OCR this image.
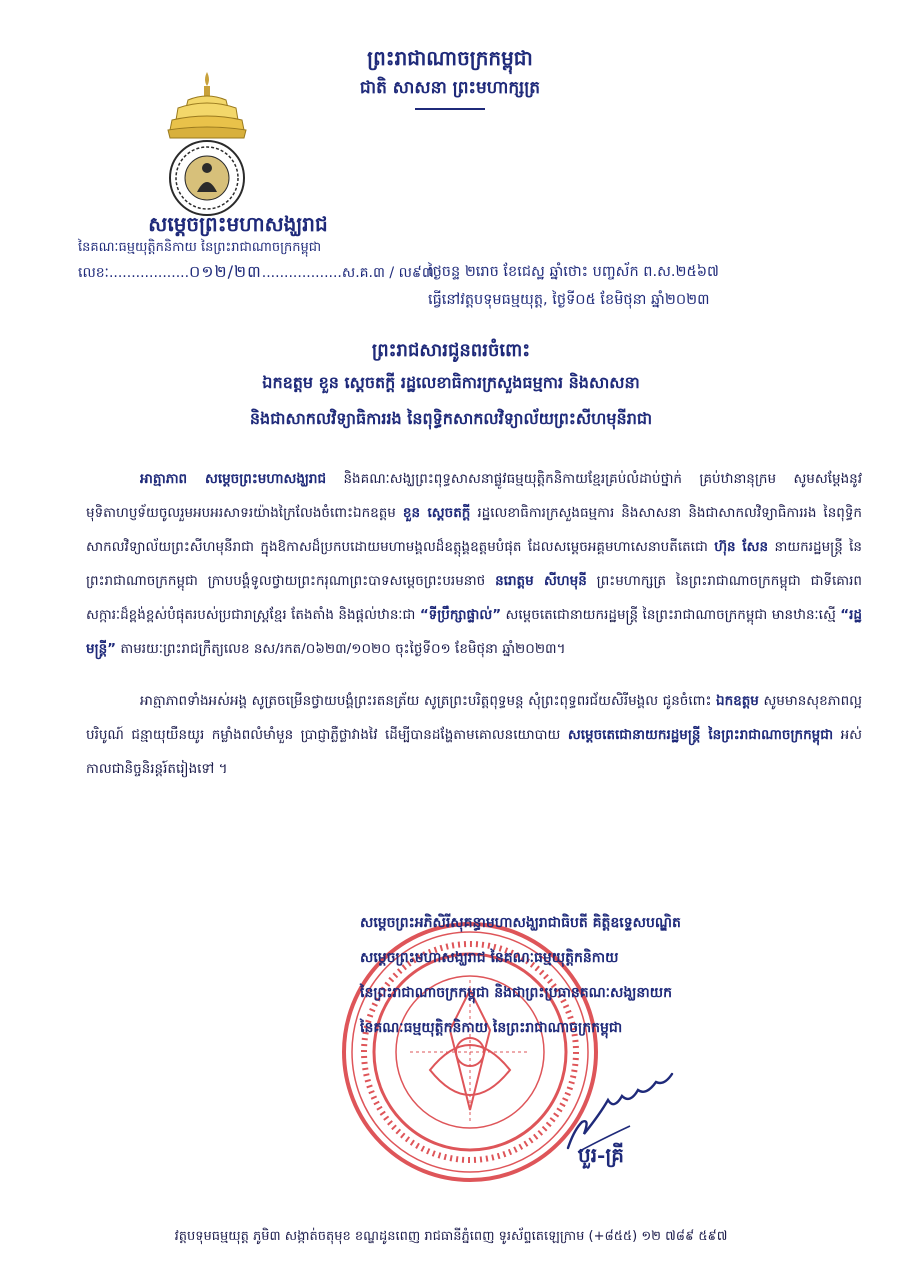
ព្រះរាជាណាចក្រកម្ពុជា
ជាតិ សាសនា ព្រះមហាក្សត្រ
សម្តេចព្រះមហាសង្ឃរាជ
នៃគណៈធម្មយុត្តិកនិកាយ នៃព្រះរាជាណាចក្រកម្ពុជា
លេខៈ..................០១២/២៣..................ស.គ.៣ / ល៩៣
ថ្ងៃចន្ទ ២រោច ខែជេស្ឋ ឆ្នាំថោះ បញ្ចស័ក ព.ស.២៥៦៧
ធ្វើនៅវត្តបទុមធម្មយុត្ត, ថ្ងៃទី០៥ ខែមិថុនា ឆ្នាំ២០២៣
ព្រះរាជសារជូនពរចំពោះ
ឯកឧត្តម ខួន ស្ដេចតក្តី រដ្ឋលេខាធិការក្រសួងធម្មការ និងសាសនា
និងជាសាកលវិទ្យាធិការរង នៃពុទ្ធិកសាកលវិទ្យាល័យព្រះសីហមុនីរាជា

អាត្មាភាព សម្តេចព្រះមហាសង្ឃរាជ និងគណៈសង្ឃព្រះពុទ្ធសាសនាផ្លូវធម្មយុត្តិកនិកាយខ្មែរគ្រប់លំដាប់ថ្នាក់ គ្រប់ឋានានុក្រម សូមសម្តែងនូវមុទិតាហប្ញទ័យចូលរួមអបអរសាទរយ៉ាងក្រៃលែងចំពោះឯកឧត្តម ខួន ស្ដេចតក្តី រដ្ឋលេខាធិការក្រសួងធម្មការ និងសាសនា និងជាសាកលវិទ្យាធិការរង នៃពុទ្ធិកសាកលវិទ្យាល័យព្រះសីហមុនីរាជា ក្នុងឱកាសដ៏ប្រកបដោយមហាមង្គលដ៏ឧត្តុង្គឧត្តមបំផុត ដែលសម្តេចអគ្គមហាសេនាបតីតេជោ ហ៊ុន សែន នាយករដ្ឋមន្ត្រី នៃព្រះរាជាណាចក្រកម្ពុជា ក្រាបបង្គំទូលថ្វាយព្រះករុណាព្រះបាទសម្តេចព្រះបរមនាថ នរោត្តម សីហមុនី ព្រះមហាក្សត្រ នៃព្រះរាជាណាចក្រកម្ពុជា ជាទីគោរពសក្ការៈដ៏ខ្ពង់ខ្ពស់បំផុតរបស់ប្រជារាស្ត្រខ្មែរ តែងតាំង និងផ្តល់ឋានៈជា “ទីប្រឹក្សាផ្ទាល់” សម្តេចតេជោនាយករដ្ឋមន្ត្រី នៃព្រះរាជាណាចក្រកម្ពុជា មានឋានៈស្មើ “រដ្ឋមន្ត្រី” តាមរយៈព្រះរាជក្រឹត្យលេខ នស/រកត/០៦២៣/១០២០ ចុះថ្ងៃទី០១ ខែមិថុនា ឆ្នាំ២០២៣។

អាត្មាភាពទាំងអស់អង្គ សូត្រចម្រើនថ្វាយបង្គំព្រះរតនត្រ័យ សូត្រព្រះបរិត្តពុទ្ធមន្ត សុំព្រះពុទ្ធពរជ័យសិរីមង្គល ជូនចំពោះ ឯកឧត្តម សូមមានសុខភាពល្អបរិបូណ៍ ជន្មាយុយឺនយូរ កម្លាំងពលំមាំមួន ប្រាជ្ញាភ្លឺថ្លាវាងវៃ ដើម្បីបានដង្ហែតាមគោលនយោបាយ សម្តេចតេជោនាយករដ្ឋមន្ត្រី នៃព្រះរាជាណាចក្រកម្ពុជា អស់កាលជានិច្ចនិរន្តរ៍តរៀងទៅ ។

សម្តេចព្រះអភិសិរីសុគន្ធាមហាសង្ឃរាជាធិបតី គិត្តិឧទ្ទេសបណ្ឌិត
សម្តេចព្រះមហាសង្ឃរាជ នៃគណៈធម្មយុត្តិកនិកាយ
នៃព្រះរាជាណាចក្រកម្ពុជា និងជាព្រះប្រធានគណៈសង្ឃនាយក
នៃគណៈធម្មយុត្តិកនិកាយ នៃព្រះរាជាណាចក្រកម្ពុជា
បួរ-គ្រី
វត្តបទុមធម្មយុត្ត ភូមិ៣ សង្កាត់ចតុមុខ ខណ្ឌដូនពេញ រាជធានីភ្នំពេញ ទូរស័ព្ទតេឡេក្រាម (+៨៥៥) ១២ ៧៨៩ ៥៩៧
